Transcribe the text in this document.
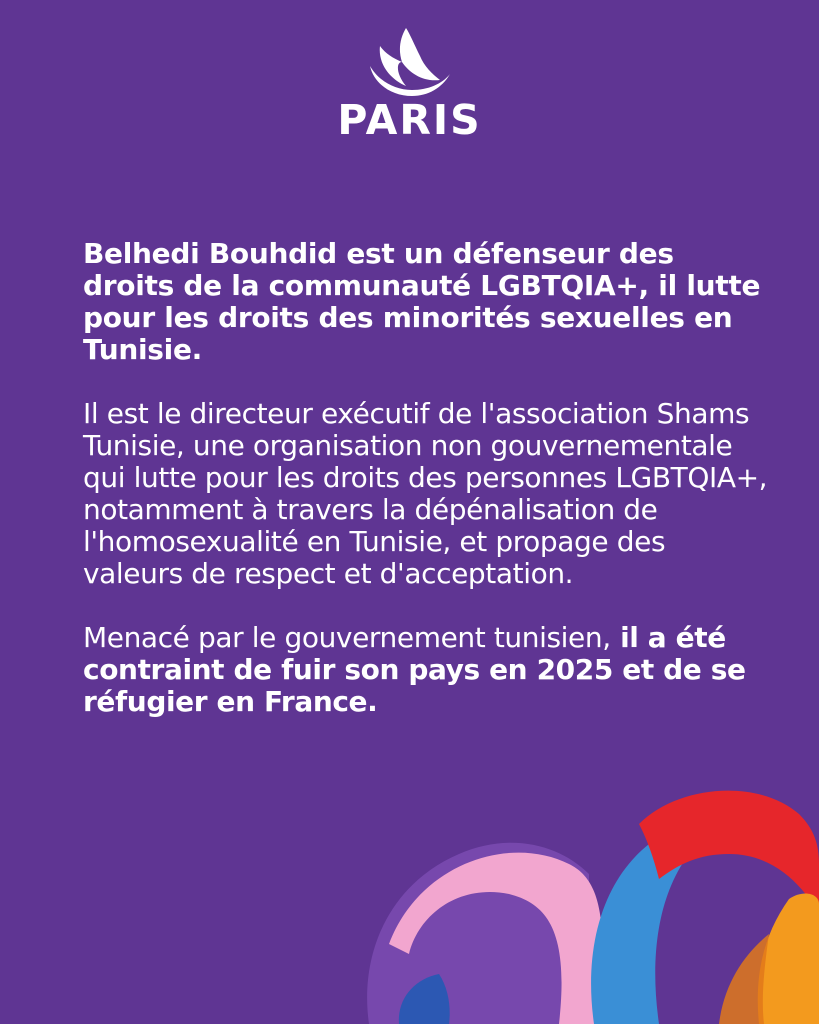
PARIS

Belhedi Bouhdid est un défenseur des droits de la communauté LGBTQIA+, il lutte pour les droits des minorités sexuelles en Tunisie.

Il est le directeur exécutif de l'association Shams Tunisie, une organisation non gouvernementale qui lutte pour les droits des personnes LGBTQIA+, notamment à travers la dépénalisation de l'homosexualité en Tunisie, et propage des valeurs de respect et d'acceptation.

Menacé par le gouvernement tunisien, il a été contraint de fuir son pays en 2025 et de se réfugier en France.
